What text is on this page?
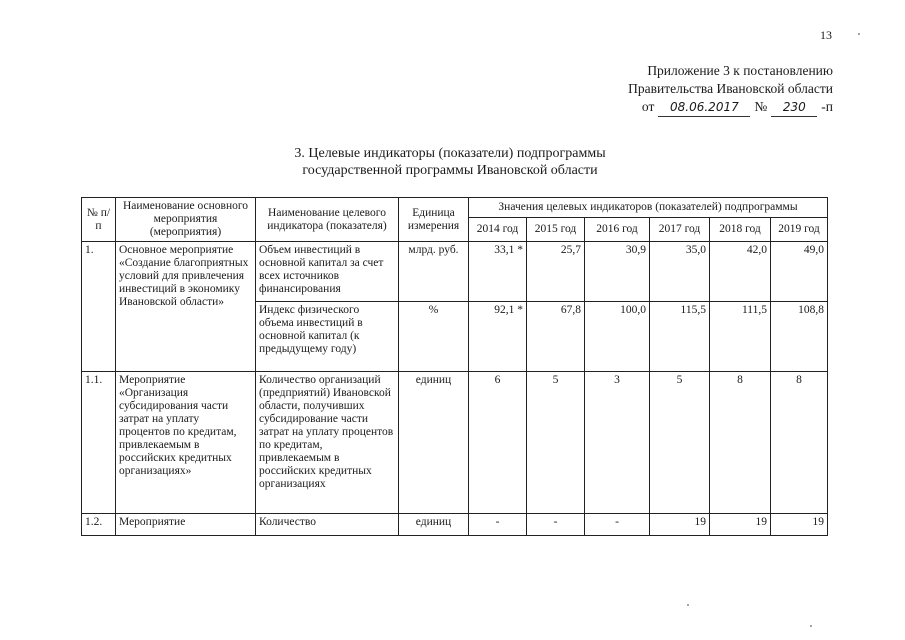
13
Приложение 3 к постановлению
Правительства Ивановской области
от	08.06.2017	№	230	-п
3. Целевые индикаторы (показатели) подпрограммы
государственной программы Ивановской области
№ п/п	Наименование основного мероприятия (мероприятия)	Наименование целевого индикатора (показателя)	Единица измерения	Значения целевых индикаторов (показателей) подпрограммы					
				2014 год	2015 год	2016 год	2017 год	2018 год	2019 год
1.	Основное мероприятие «Создание благоприятных условий для привлечения инвестиций в экономику Ивановской области»	Объем инвестиций в основной капитал за счет всех источников финансирования	млрд. руб.	33,1 *	25,7	30,9	35,0	42,0	49,0
		Индекс физического объема инвестиций в основной капитал (к предыдущему году)	%	92,1 *	67,8	100,0	115,5	111,5	108,8
1.1.	Мероприятие «Организация субсидирования части затрат на уплату процентов по кредитам, привлекаемым в российских кредитных организациях»	Количество организаций (предприятий) Ивановской области, получивших субсидирование части затрат на уплату процентов по кредитам, привлекаемым в российских кредитных организациях	единиц	6	5	3	5	8	8
1.2.	Мероприятие	Количество	единиц	-	-	-	19	19	19
